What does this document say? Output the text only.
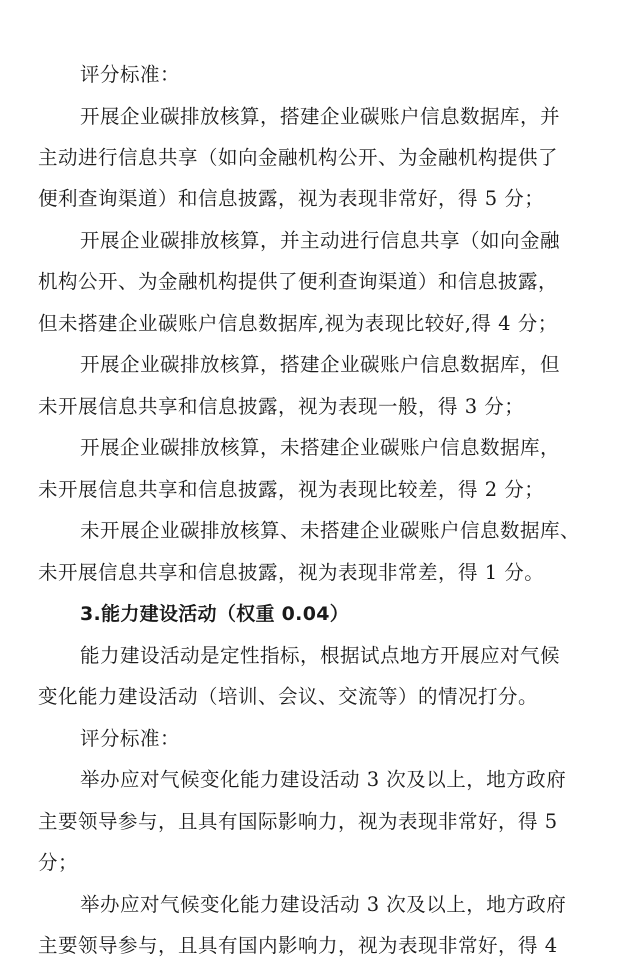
评分标准：
开展企业碳排放核算，搭建企业碳账户信息数据库，并
主动进行信息共享（如向金融机构公开、为金融机构提供了
便利查询渠道）和信息披露，视为表现非常好，得 5 分；
开展企业碳排放核算，并主动进行信息共享（如向金融
机构公开、为金融机构提供了便利查询渠道）和信息披露，
但未搭建企业碳账户信息数据库,视为表现比较好,得 4 分；
开展企业碳排放核算，搭建企业碳账户信息数据库，但
未开展信息共享和信息披露，视为表现一般，得 3 分；
开展企业碳排放核算，未搭建企业碳账户信息数据库，
未开展信息共享和信息披露，视为表现比较差，得 2 分；
未开展企业碳排放核算、未搭建企业碳账户信息数据库、
未开展信息共享和信息披露，视为表现非常差，得 1 分。
3.能力建设活动（权重 0.04）
能力建设活动是定性指标，根据试点地方开展应对气候
变化能力建设活动（培训、会议、交流等）的情况打分。
评分标准：
举办应对气候变化能力建设活动 3 次及以上，地方政府
主要领导参与，且具有国际影响力，视为表现非常好，得 5
分；
举办应对气候变化能力建设活动 3 次及以上，地方政府
主要领导参与，且具有国内影响力，视为表现非常好，得 4
